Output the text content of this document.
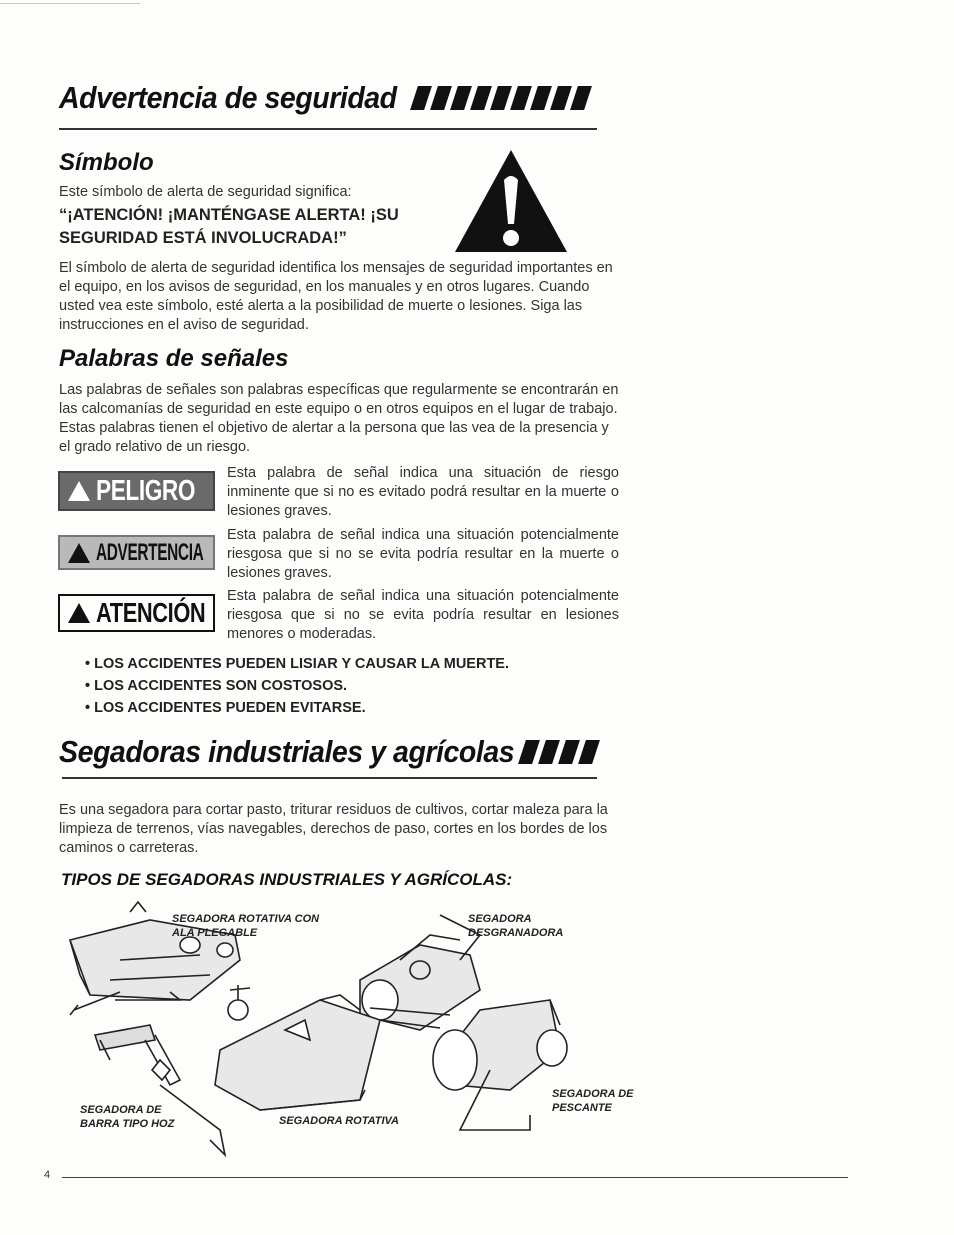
Advertencia de seguridad
Símbolo
Este símbolo de alerta de seguridad significa:
“¡ATENCIÓN! ¡MANTÉNGASE ALERTA! ¡SU SEGURIDAD ESTÁ INVOLUCRADA!”
El símbolo de alerta de seguridad identifica los mensajes de seguridad importantes en el equipo, en los avisos de seguridad, en los manuales y en otros lugares. Cuando usted vea este símbolo, esté alerta a la posibilidad de muerte o lesiones. Siga las instrucciones en el aviso de seguridad.
Palabras de señales
Las palabras de señales son palabras específicas que regularmente se encontrarán en las calcomanías de seguridad en este equipo o en otros equipos en el lugar de trabajo. Estas palabras tienen el objetivo de alertar a la persona que las vea de la presencia y el grado relativo de un riesgo.
PELIGRO
Esta palabra de señal indica una situación de riesgo inminente que si no es evitado podrá resultar en la muerte o lesiones graves.
ADVERTENCIA
Esta palabra de señal indica una situación potencialmente riesgosa que si no se evita podría resultar en la muerte o lesiones graves.
ATENCIÓN
Esta palabra de señal indica una situación potencialmente riesgosa que si no se evita podría resultar en lesiones menores o moderadas.
• LOS ACCIDENTES PUEDEN LISIAR Y CAUSAR LA MUERTE.
• LOS ACCIDENTES SON COSTOSOS.
• LOS ACCIDENTES PUEDEN EVITARSE.
Segadoras industriales y agrícolas
Es una segadora para cortar pasto, triturar residuos de cultivos, cortar maleza para la limpieza de terrenos, vías navegables, derechos de paso, cortes en los bordes de los caminos o carreteras.
TIPOS DE SEGADORAS INDUSTRIALES Y AGRÍCOLAS:
SEGADORA ROTATIVA CON ALA PLEGABLE
SEGADORA DESGRANADORA
SEGADORA DE BARRA TIPO HOZ	SEGADORA ROTATIVA
SEGADORA DE PESCANTE
4
